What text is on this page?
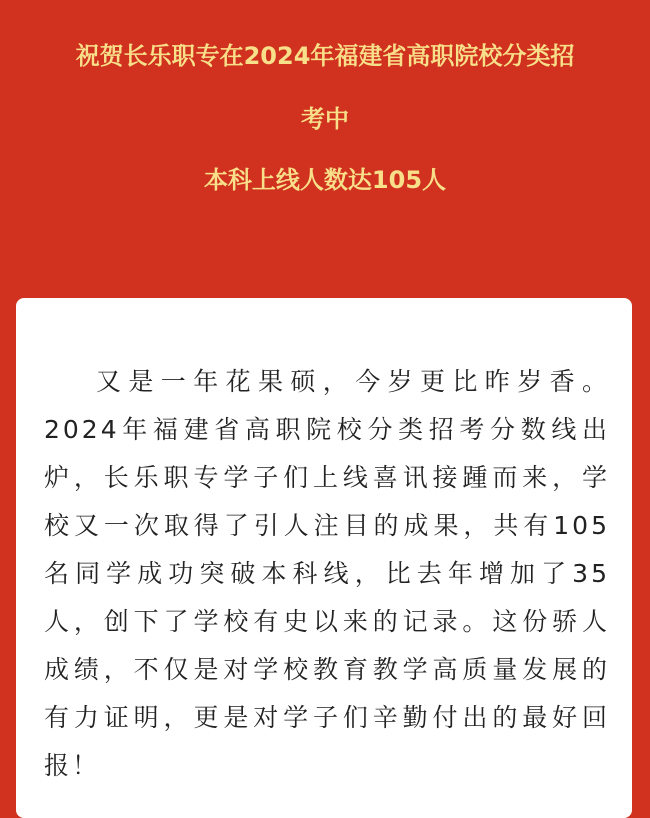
祝贺长乐职专在2024年福建省高职院校分类招
考中
本科上线人数达105人
又是一年花果硕，今岁更比昨岁香。
2024年福建省高职院校分类招考分数线出
炉，长乐职专学子们上线喜讯接踵而来，学
校又一次取得了引人注目的成果，共有105
名同学成功突破本科线，比去年增加了35
人，创下了学校有史以来的记录。这份骄人
成绩，不仅是对学校教育教学高质量发展的
有力证明，更是对学子们辛勤付出的最好回
报！
